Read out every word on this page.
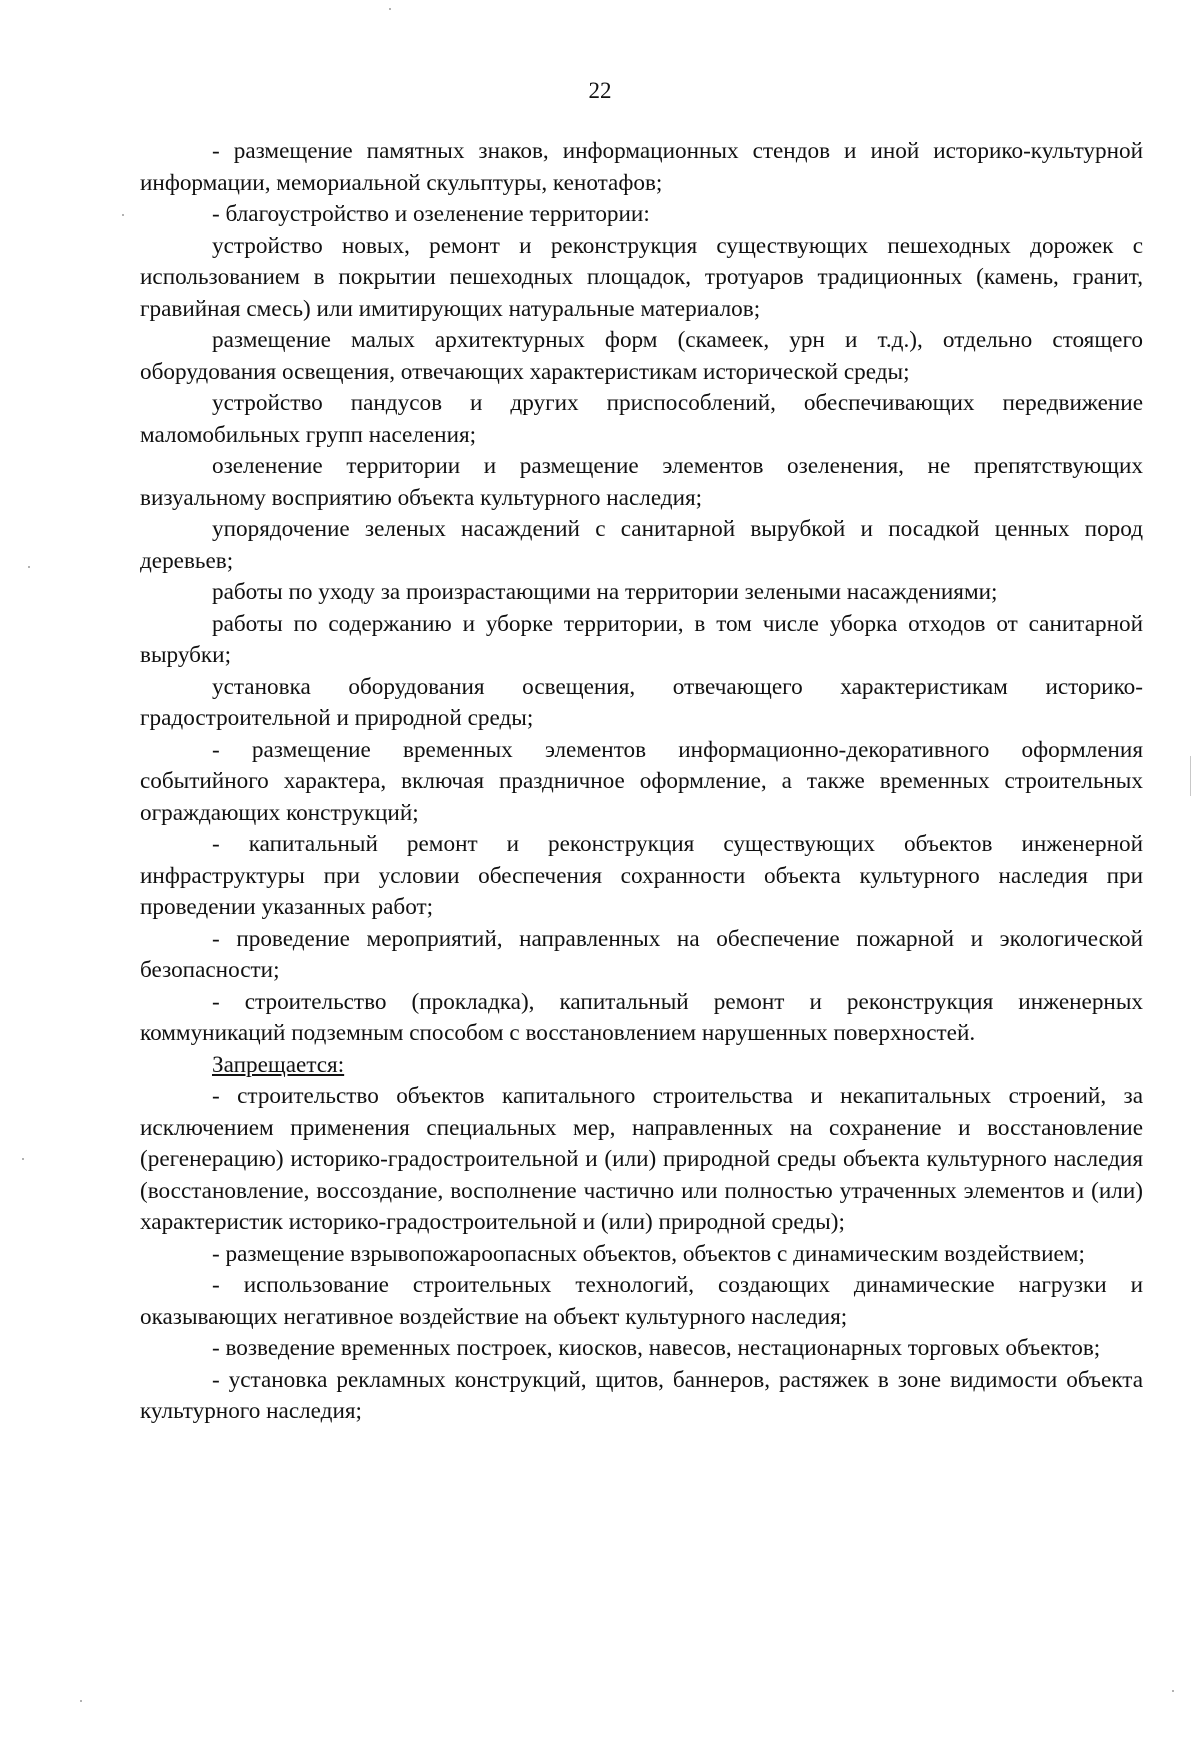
22

- размещение памятных знаков, информационных стендов и иной историко-культурной информации, мемориальной скульптуры, кенотафов;

- благоустройство и озеленение территории:

устройство новых, ремонт и реконструкция существующих пешеходных дорожек с использованием в покрытии пешеходных площадок, тротуаров традиционных (камень, гранит, гравийная смесь) или имитирующих натуральные материалов;

размещение малых архитектурных форм (скамеек, урн и т.д.), отдельно стоящего оборудования освещения, отвечающих характеристикам исторической среды;

устройство пандусов и других приспособлений, обеспечивающих передвижение маломобильных групп населения;

озеленение территории и размещение элементов озеленения, не препятствующих визуальному восприятию объекта культурного наследия;

упорядочение зеленых насаждений с санитарной вырубкой и посадкой ценных пород деревьев;

работы по уходу за произрастающими на территории зелеными насаждениями;

работы по содержанию и уборке территории, в том числе уборка отходов от санитарной вырубки;

установка оборудования освещения, отвечающего характеристикам историко-градостроительной и природной среды;

- размещение временных элементов информационно-декоративного оформления событийного характера, включая праздничное оформление, а также временных строительных ограждающих конструкций;

- капитальный ремонт и реконструкция существующих объектов инженерной инфраструктуры при условии обеспечения сохранности объекта культурного наследия при проведении указанных работ;

- проведение мероприятий, направленных на обеспечение пожарной и экологической безопасности;

- строительство (прокладка), капитальный ремонт и реконструкция инженерных коммуникаций подземным способом с восстановлением нарушенных поверхностей.

Запрещается:

- строительство объектов капитального строительства и некапитальных строений, за исключением применения специальных мер, направленных на сохранение и восстановление (регенерацию) историко-градостроительной и (или) природной среды объекта культурного наследия (восстановление, воссоздание, восполнение частично или полностью утраченных элементов и (или) характеристик историко-градостроительной и (или) природной среды);

- размещение взрывопожароопасных объектов, объектов с динамическим воздействием;

- использование строительных технологий, создающих динамические нагрузки и оказывающих негативное воздействие на объект культурного наследия;

- возведение временных построек, киосков, навесов, нестационарных торговых объектов;

- установка рекламных конструкций, щитов, баннеров, растяжек в зоне видимости объекта культурного наследия;
